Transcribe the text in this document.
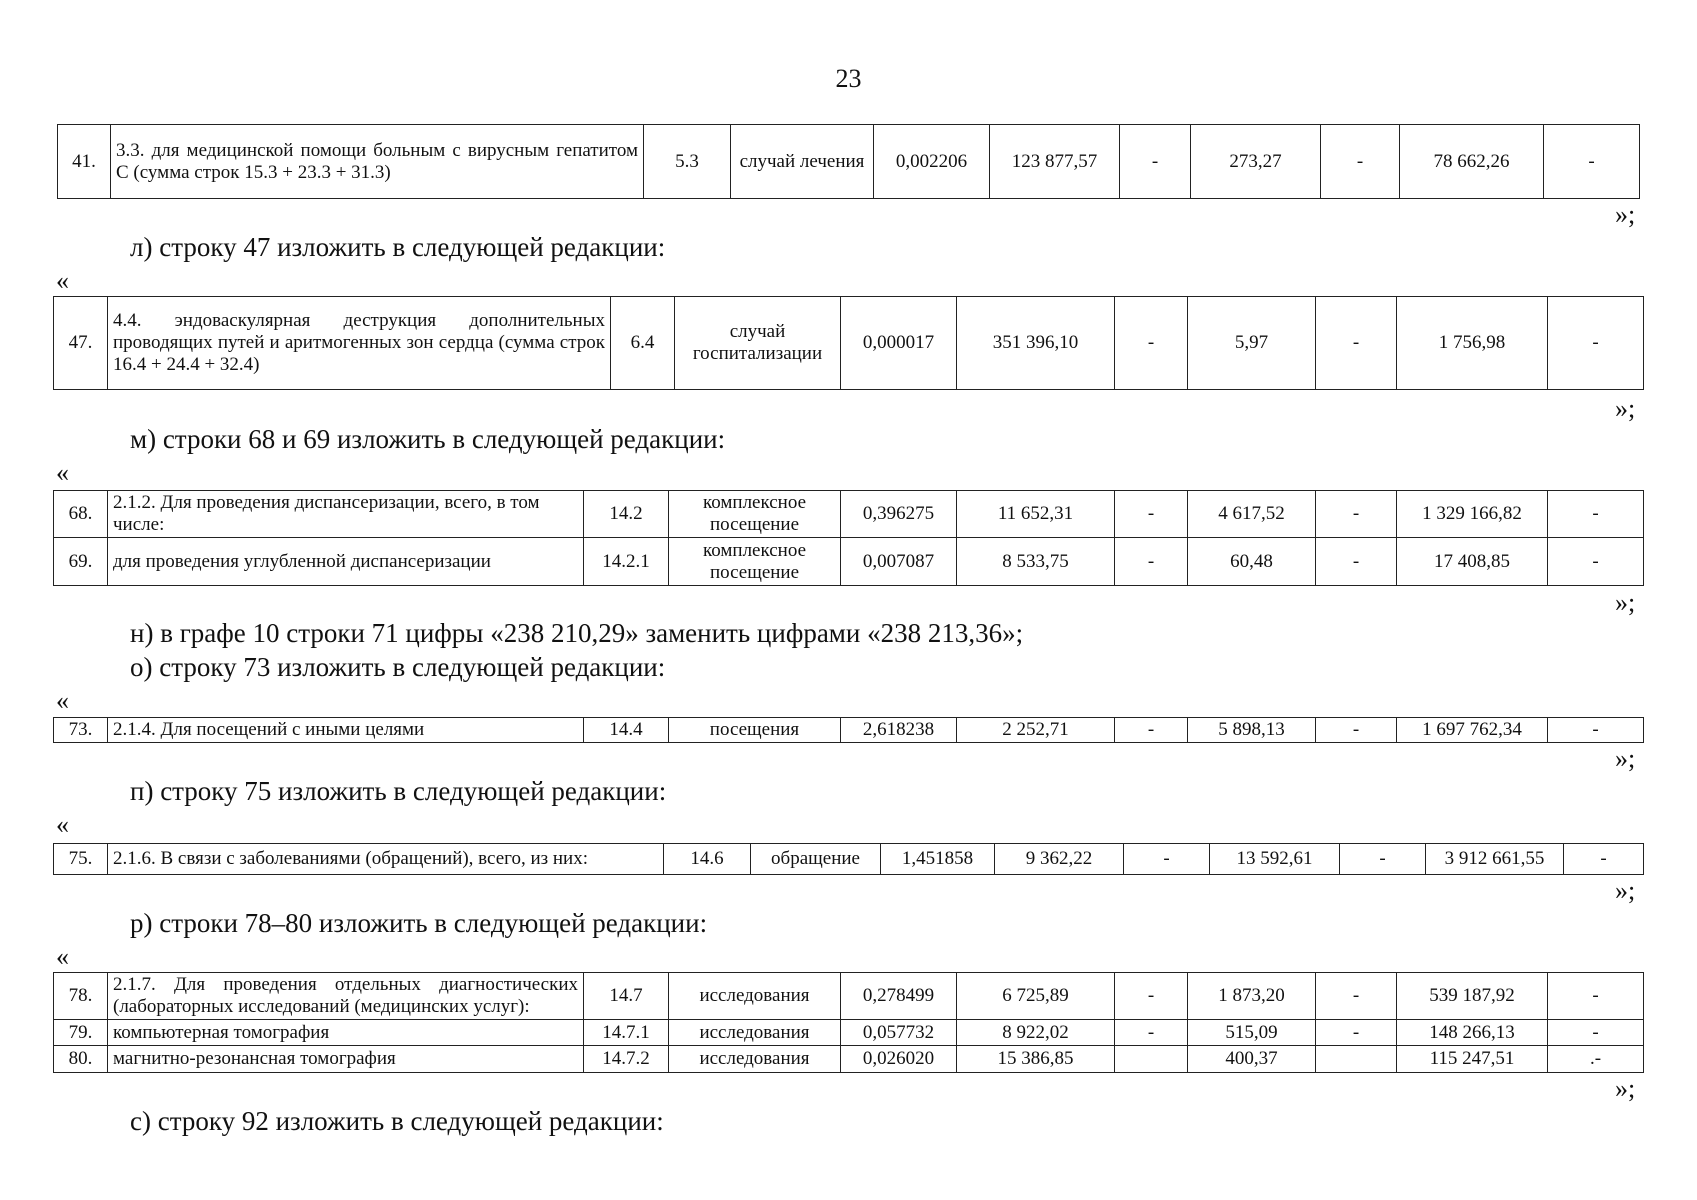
23
41.	3.3. для медицинской помощи больным с вирусным гепатитом С (сумма строк 15.3 + 23.3 + 31.3)	5.3	случай лечения	0,002206	123 877,57	-	273,27	-	78 662,26	-
»;
л) строку 47 изложить в следующей редакции:
«
47.	4.4. эндоваскулярная деструкция дополнительных проводящих путей и аритмогенных зон сердца (сумма строк 16.4 + 24.4 + 32.4)	6.4	случай госпитализации	0,000017	351 396,10	-	5,97	-	1 756,98	-
»;
м) строки 68 и 69 изложить в следующей редакции:
«
68.	2.1.2. Для проведения диспансеризации, всего, в том числе:	14.2	комплексное посещение	0,396275	11 652,31	-	4 617,52	-	1 329 166,82	-
69.	для проведения углубленной диспансеризации	14.2.1	комплексное посещение	0,007087	8 533,75	-	60,48	-	17 408,85	-
»;
н) в графе 10 строки 71 цифры «238 210,29» заменить цифрами «238 213,36»;
о) строку 73 изложить в следующей редакции:
«
73.	2.1.4. Для посещений с иными целями	14.4	посещения	2,618238	2 252,71	-	5 898,13	-	1 697 762,34	-
»;
п) строку 75 изложить в следующей редакции:
«
75.	2.1.6. В связи с заболеваниями (обращений), всего, из них:	14.6	обращение	1,451858	9 362,22	-	13 592,61	-	3 912 661,55	-
»;
р) строки 78–80 изложить в следующей редакции:
«
78.	2.1.7. Для проведения отдельных диагностических (лабораторных исследований (медицинских услуг):	14.7	исследования	0,278499	6 725,89	-	1 873,20	-	539 187,92	-
79.	компьютерная томография	14.7.1	исследования	0,057732	8 922,02	-	515,09	-	148 266,13	-
80.	магнитно-резонансная томография	14.7.2	исследования	0,026020	15 386,85		400,37		115 247,51	.-
»;
с) строку 92 изложить в следующей редакции:
